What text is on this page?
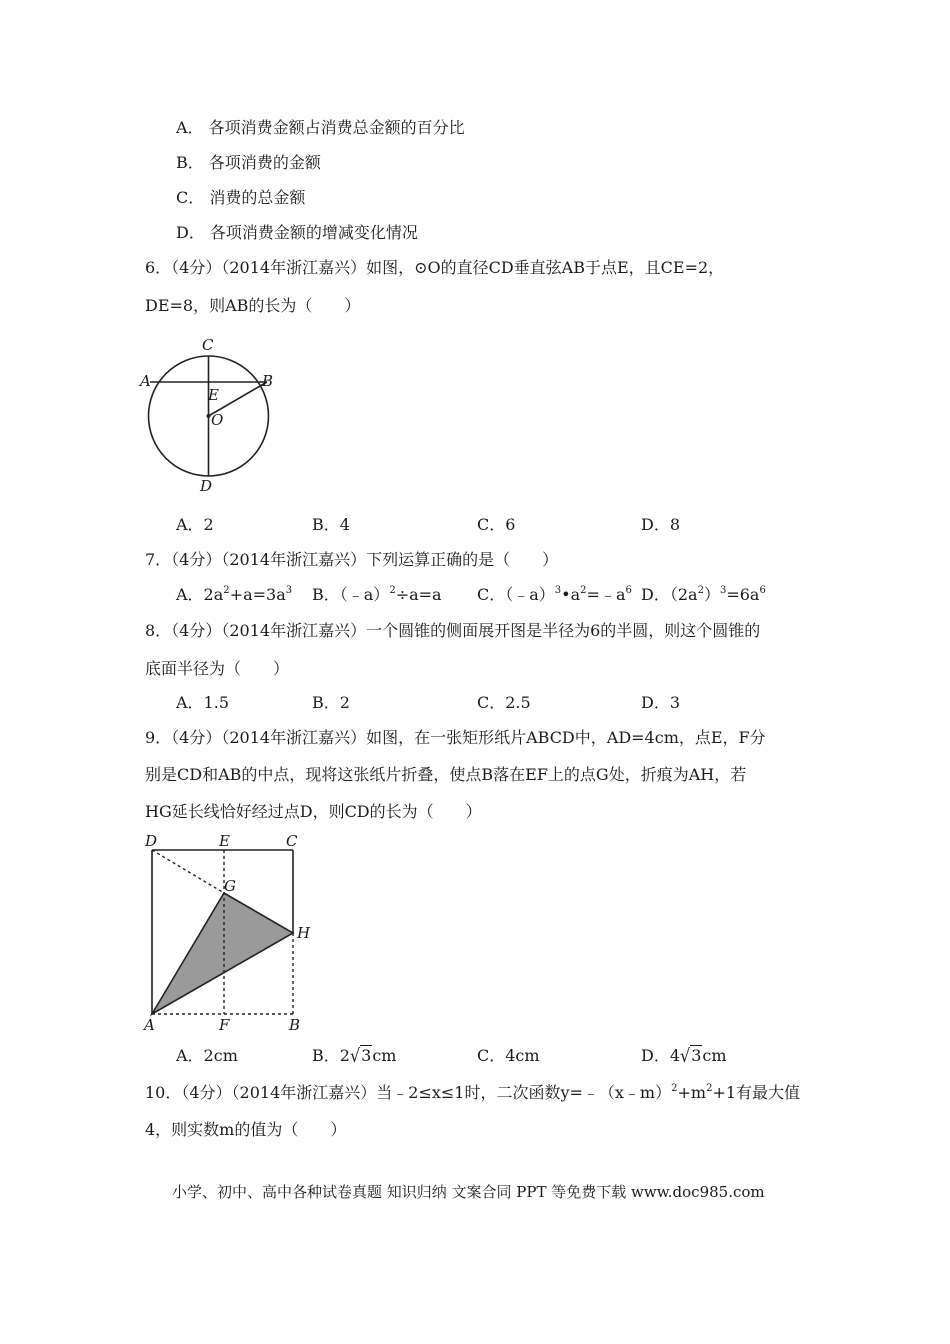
A． 各项消费金额占消费总金额的百分比
B． 各项消费的金额
C． 消费的总金额
D． 各项消费金额的增减变化情况
6．（4分）（2014年浙江嘉兴）如图，⊙O的直径CD垂直弦AB于点E，且CE=2，
DE=8，则AB的长为（　　）
C
A	B
E
O
D
A．2	B．4	C．6	D．8
7．（4分）（2014年浙江嘉兴）下列运算正确的是（　　）
A．$2a^2+a=3a^3$ B．（﹣a）$^2$÷a=a C．$(﹣a)^3•a^2=﹣a^6$ D．$(2a^2)^3=6a^6$
8．（4分）（2014年浙江嘉兴）一个圆锥的侧面展开图是半径为6的半圆，则这个圆锥的
底面半径为（　　）
A．1.5	B．2	C．2.5	D．3
9．（4分）（2014年浙江嘉兴）如图，在一张矩形纸片ABCD中，AD=4cm，点E，F分
别是CD和AB的中点，现将这张纸片折叠，使点B落在EF上的点G处，折痕为AH，若
HG延长线恰好经过点D，则CD的长为（　　）
D	E	C
G
H
A	F	B
A．2cm	B．2√3cm	C．4cm	D．4√3cm
10．（4分）（2014年浙江嘉兴）当﹣2≤x≤1时，二次函数$y=﹣(x﹣m)^2+m^2+1$有最大值
4，则实数m的值为（　　）
小学、初中、高中各种试卷真题 知识归纳 文案合同 PPT 等免费下载 www.doc985.com
